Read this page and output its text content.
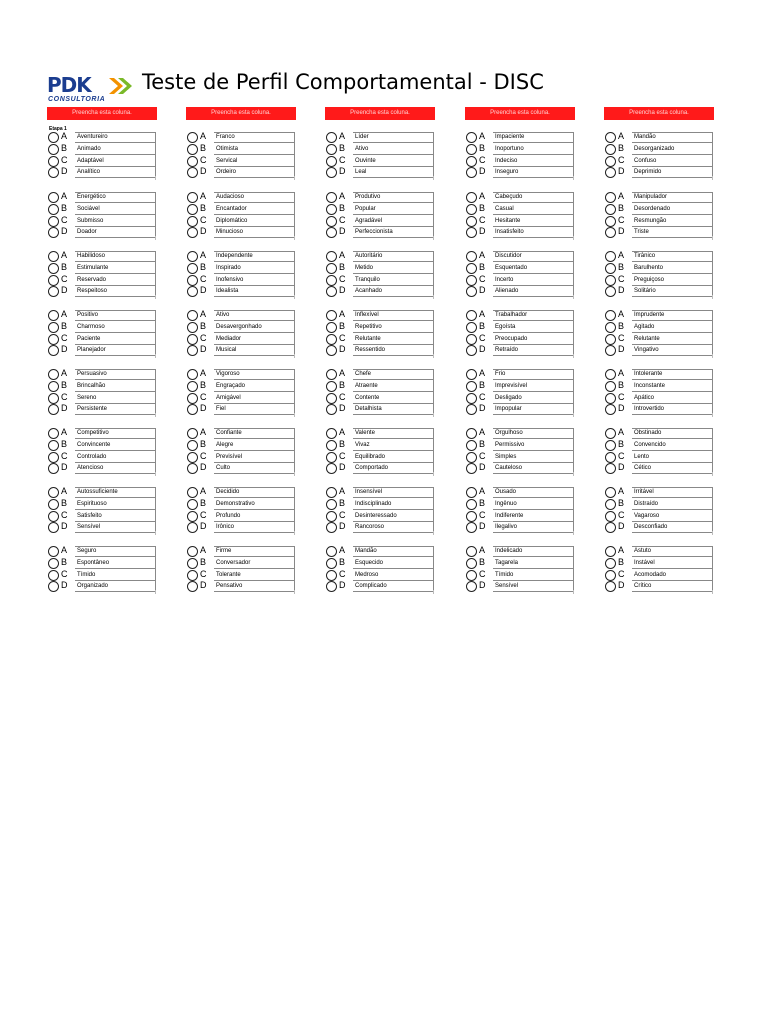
PDK
CONSULTORIA
Teste de Perfil Comportamental - DISC
Preencha esta coluna.
Etapa 1
A	Aventureiro
B	Animado
C	Adaptável
D	Analítico
A	Energético
B	Sociável
C	Submisso
D	Doador
A	Habilidoso
B	Estimulante
C	Reservado
D	Respeitoso
A	Positivo
B	Charmoso
C	Paciente
D	Planejador
A	Persuasivo
B	Brincalhão
C	Sereno
D	Persistente
A	Competitivo
B	Convincente
C	Controlado
D	Atencioso
A	Autossuficiente
B	Espirituoso
C	Satisfeito
D	Sensível
A	Seguro
B	Espontâneo
C	Tímido
D	Organizado
Preencha esta coluna.
A	Franco
B	Otimista
C	Servical
D	Ordeiro
A	Audacioso
B	Encantador
C	Diplomático
D	Minucioso
A	Independente
B	Inspirado
C	Inofensivo
D	Idealista
A	Ativo
B	Desavergonhado
C	Mediador
D	Musical
A	Vigoroso
B	Engraçado
C	Amigável
D	Fiel
A	Confiante
B	Alegre
C	Previsível
D	Culto
A	Decidido
B	Demonstrativo
C	Profundo
D	Irônico
A	Firme
B	Conversador
C	Tolerante
D	Pensativo
Preencha esta coluna.
A	Líder
B	Ativo
C	Ouvinte
D	Leal
A	Produtivo
B	Popular
C	Agradável
D	Perfeccionista
A	Autoritário
B	Metido
C	Tranquilo
D	Acanhado
A	Inflexível
B	Repetitivo
C	Relutante
D	Ressentido
A	Chefe
B	Atraente
C	Contente
D	Detalhista
A	Valente
B	Vivaz
C	Equilibrado
D	Comportado
A	Insensível
B	Indisciplinado
C	Desinteressado
D	Rancoroso
A	Mandão
B	Esquecido
C	Medroso
D	Complicado
Preencha esta coluna.
A	Impaciente
B	Inoportuno
C	Indeciso
D	Inseguro
A	Cabeçudo
B	Casual
C	Hesitante
D	Insatisfeito
A	Discutidor
B	Esquentado
C	Incerto
D	Alienado
A	Trabalhador
B	Egoísta
C	Preocupado
D	Retraído
A	Frio
B	Imprevisível
C	Desligado
D	Impopular
A	Orgulhoso
B	Permissivo
C	Simples
D	Cauteloso
A	Ousado
B	Ingênuo
C	Indiferente
D	Ilegalivo
A	Indelicado
B	Tagarela
C	Tímido
D	Sensível
Preencha esta coluna.
A	Mandão
B	Desorganizado
C	Confuso
D	Deprimido
A	Manipulador
B	Desordenado
C	Resmungão
D	Triste
A	Tirânico
B	Barulhento
C	Preguiçoso
D	Solitário
A	Imprudente
B	Agitado
C	Relutante
D	Vingativo
A	Intolerante
B	Inconstante
C	Apático
D	Introvertido
A	Obstinado
B	Convencido
C	Lento
D	Cético
A	Irritável
B	Distraído
C	Vagaroso
D	Desconfiado
A	Astuto
B	Instável
C	Acomodado
D	Crítico
